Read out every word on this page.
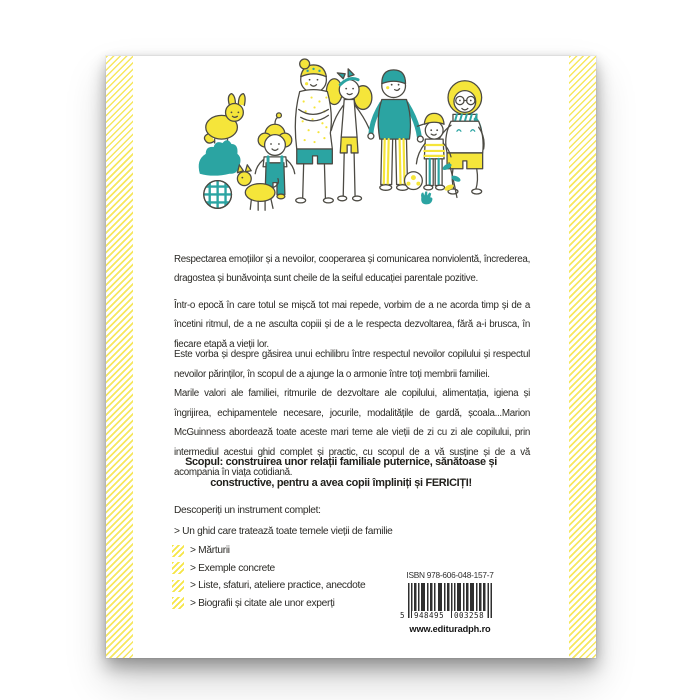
Respectarea emoțiilor și a nevoilor, cooperarea și comunicarea nonviolentă, încrederea, dragostea și bunăvoința sunt cheile de la seiful educației parentale pozitive.

Într-o epocă în care totul se mișcă tot mai repede, vorbim de a ne acorda timp și de a încetini ritmul, de a ne asculta copiii și de a le respecta dezvoltarea, fără a-i brusca, în fiecare etapă a vieții lor.

Este vorba și despre găsirea unui echilibru între respectul nevoilor copilului și respectul nevoilor părinților, în scopul de a ajunge la o armonie între toți membrii familiei.

Marile valori ale familiei, ritmurile de dezvoltare ale copilului, alimentația, igiena și îngrijirea, echipamentele necesare, jocurile, modalitățile de gardă, școala...Marion McGuinness abordează toate aceste mari teme ale vieții de zi cu zi ale copilului, prin intermediul acestui ghid complet și practic, cu scopul de a vă susține și de a vă acompania în viața cotidiană.

Scopul: construirea unor relații familiale puternice, sănătoase și constructive, pentru a avea copii împliniți și FERICIȚI!

Descoperiți un instrument complet:

> Un ghid care tratează toate temele vieții de familie

> Mărturii
> Exemple concrete
> Liste, sfaturi, ateliere practice, anecdote
> Biografii și citate ale unor experți
ISBN 978-606-048-157-7
5 948495 003258
www.edituradph.ro
